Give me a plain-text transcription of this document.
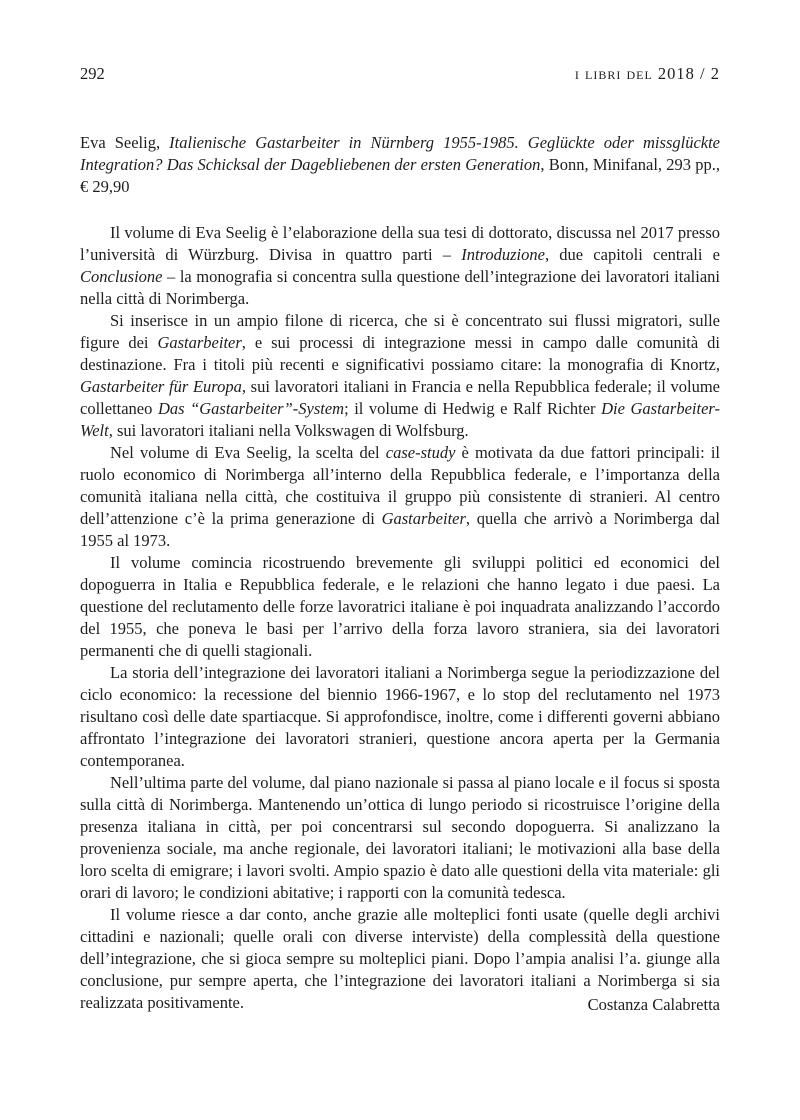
292	i libri del 2018 / 2

Eva Seelig, Italienische Gastarbeiter in Nürnberg 1955-1985. Geglückte oder missglückte Integration? Das Schicksal der Dagebliebenen der ersten Generation, Bonn, Minifanal, 293 pp., € 29,90

Il volume di Eva Seelig è l’elaborazione della sua tesi di dottorato, discussa nel 2017 presso l’università di Würzburg. Divisa in quattro parti – Introduzione, due capitoli centrali e Conclusione – la monografia si concentra sulla questione dell’integrazione dei lavoratori italiani nella città di Norimberga.

Si inserisce in un ampio filone di ricerca, che si è concentrato sui flussi migratori, sulle figure dei Gastarbeiter, e sui processi di integrazione messi in campo dalle comunità di destinazione. Fra i titoli più recenti e significativi possiamo citare: la monografia di Knortz, Gastarbeiter für Europa, sui lavoratori italiani in Francia e nella Repubblica federale; il volume collettaneo Das “Gastarbeiter”-System; il volume di Hedwig e Ralf Richter Die Gastarbeiter-Welt, sui lavoratori italiani nella Volkswagen di Wolfsburg.

Nel volume di Eva Seelig, la scelta del case-study è motivata da due fattori principali: il ruolo economico di Norimberga all’interno della Repubblica federale, e l’importanza della comunità italiana nella città, che costituiva il gruppo più consistente di stranieri. Al centro dell’attenzione c’è la prima generazione di Gastarbeiter, quella che arrivò a Norimberga dal 1955 al 1973.

Il volume comincia ricostruendo brevemente gli sviluppi politici ed economici del dopoguerra in Italia e Repubblica federale, e le relazioni che hanno legato i due paesi. La questione del reclutamento delle forze lavoratrici italiane è poi inquadrata analizzando l’accordo del 1955, che poneva le basi per l’arrivo della forza lavoro straniera, sia dei lavoratori permanenti che di quelli stagionali.

La storia dell’integrazione dei lavoratori italiani a Norimberga segue la periodizzazione del ciclo economico: la recessione del biennio 1966-1967, e lo stop del reclutamento nel 1973 risultano così delle date spartiacque. Si approfondisce, inoltre, come i differenti governi abbiano affrontato l’integrazione dei lavoratori stranieri, questione ancora aperta per la Germania contemporanea.

Nell’ultima parte del volume, dal piano nazionale si passa al piano locale e il focus si sposta sulla città di Norimberga. Mantenendo un’ottica di lungo periodo si ricostruisce l’origine della presenza italiana in città, per poi concentrarsi sul secondo dopoguerra. Si analizzano la provenienza sociale, ma anche regionale, dei lavoratori italiani; le motivazioni alla base della loro scelta di emigrare; i lavori svolti. Ampio spazio è dato alle questioni della vita materiale: gli orari di lavoro; le condizioni abitative; i rapporti con la comunità tedesca.

Il volume riesce a dar conto, anche grazie alle molteplici fonti usate (quelle degli archivi cittadini e nazionali; quelle orali con diverse interviste) della complessità della questione dell’integrazione, che si gioca sempre su molteplici piani. Dopo l’ampia analisi l’a. giunge alla conclusione, pur sempre aperta, che l’integrazione dei lavoratori italiani a Norimberga si sia realizzata positivamente.	Costanza Calabretta
